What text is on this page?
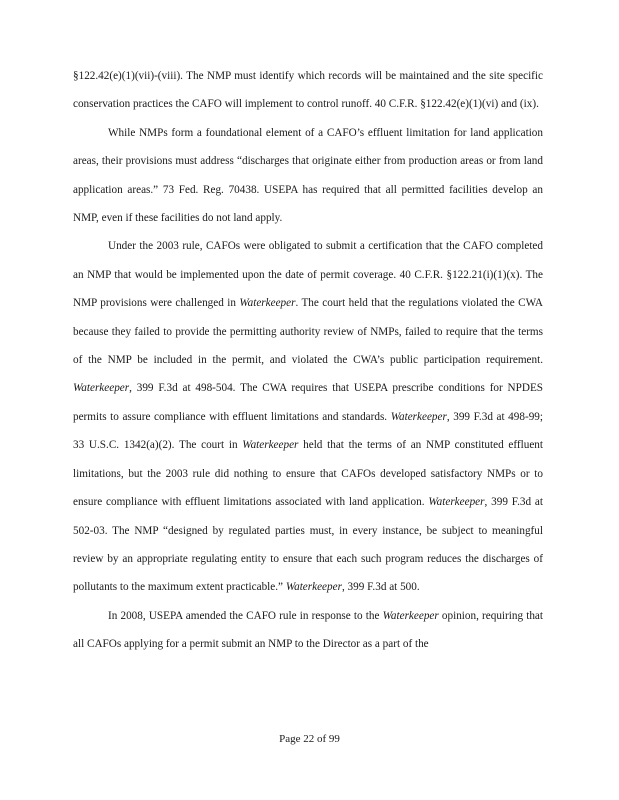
§122.42(e)(1)(vii)-(viii). The NMP must identify which records will be maintained and the site specific conservation practices the CAFO will implement to control runoff. 40 C.F.R. §122.42(e)(1)(vi) and (ix).

While NMPs form a foundational element of a CAFO’s effluent limitation for land application areas, their provisions must address “discharges that originate either from production areas or from land application areas.” 73 Fed. Reg. 70438. USEPA has required that all permitted facilities develop an NMP, even if these facilities do not land apply.

Under the 2003 rule, CAFOs were obligated to submit a certification that the CAFO completed an NMP that would be implemented upon the date of permit coverage. 40 C.F.R. §122.21(i)(1)(x). The NMP provisions were challenged in Waterkeeper. The court held that the regulations violated the CWA because they failed to provide the permitting authority review of NMPs, failed to require that the terms of the NMP be included in the permit, and violated the CWA’s public participation requirement. Waterkeeper, 399 F.3d at 498-504. The CWA requires that USEPA prescribe conditions for NPDES permits to assure compliance with effluent limitations and standards. Waterkeeper, 399 F.3d at 498-99; 33 U.S.C. 1342(a)(2). The court in Waterkeeper held that the terms of an NMP constituted effluent limitations, but the 2003 rule did nothing to ensure that CAFOs developed satisfactory NMPs or to ensure compliance with effluent limitations associated with land application. Waterkeeper, 399 F.3d at 502-03. The NMP “designed by regulated parties must, in every instance, be subject to meaningful review by an appropriate regulating entity to ensure that each such program reduces the discharges of pollutants to the maximum extent practicable.” Waterkeeper, 399 F.3d at 500.

In 2008, USEPA amended the CAFO rule in response to the Waterkeeper opinion, requiring that all CAFOs applying for a permit submit an NMP to the Director as a part of the

Page 22 of 99
